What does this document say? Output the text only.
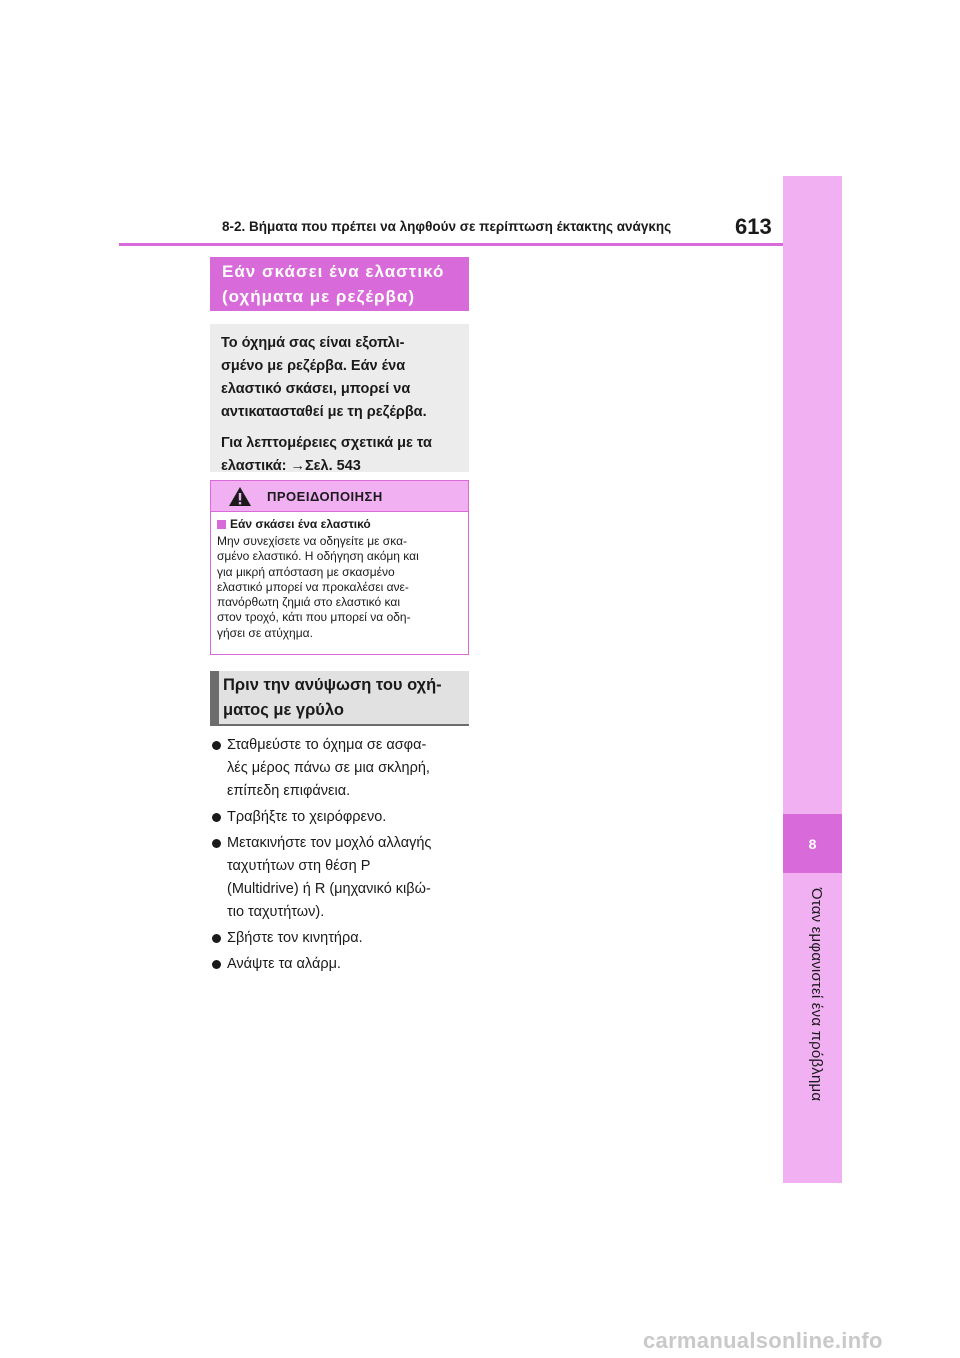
8
Όταν εμφανιστεί ένα πρόβλημα
8-2. Βήματα που πρέπει να ληφθούν σε περίπτωση έκτακτης ανάγκης	613
Εάν σκάσει ένα ελαστικό
(οχήματα με ρεζέρβα)

Το όχημά σας είναι εξοπλι-
σμένο με ρεζέρβα. Εάν ένα
ελαστικό σκάσει, μπορεί να
αντικατασταθεί με τη ρεζέρβα.

Για λεπτομέρειες σχετικά με τα
ελαστικά: →Σελ. 543

ΠΡΟΕΙΔΟΠΟΙΗΣΗ
Εάν σκάσει ένα ελαστικό
Μην συνεχίσετε να οδηγείτε με σκα-
σμένο ελαστικό. Η οδήγηση ακόμη και
για μικρή απόσταση με σκασμένο
ελαστικό μπορεί να προκαλέσει ανε-
πανόρθωτη ζημιά στο ελαστικό και
στον τροχό, κάτι που μπορεί να οδη-
γήσει σε ατύχημα.
Πριν την ανύψωση του οχή-
ματος με γρύλο
Σταθμεύστε το όχημα σε ασφα-
λές μέρος πάνω σε μια σκληρή,
επίπεδη επιφάνεια.
Τραβήξτε το χειρόφρενο.
Μετακινήστε τον μοχλό αλλαγής
ταχυτήτων στη θέση P
(Multidrive) ή R (μηχανικό κιβώ-
τιο ταχυτήτων).
Σβήστε τον κινητήρα.
Ανάψτε τα αλάρμ.
carmanualsonline.info
